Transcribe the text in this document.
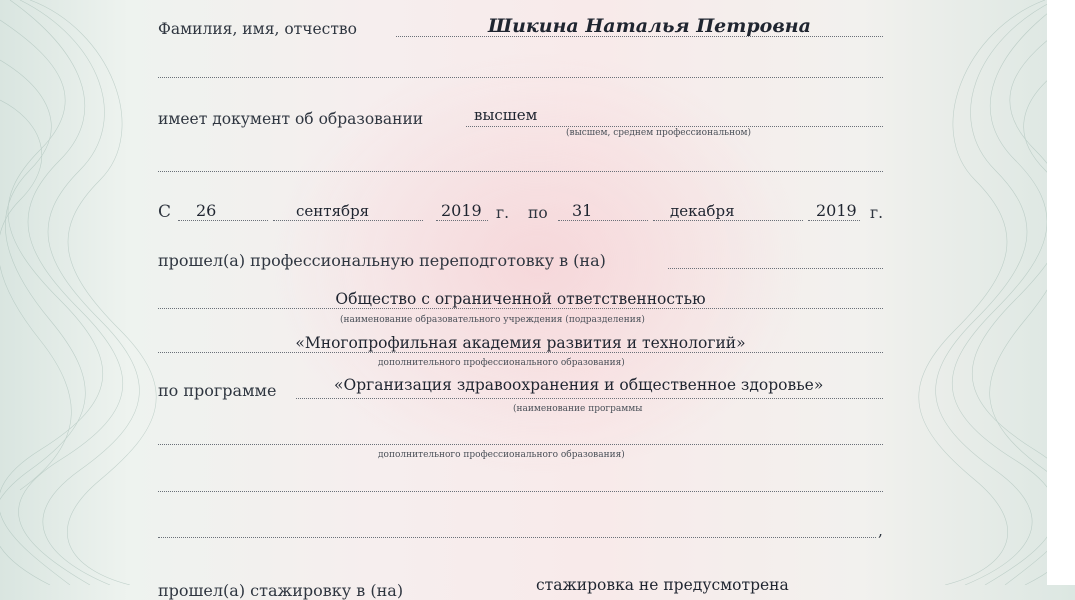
Фамилия, имя, отчество	Шикина Наталья Петровна
имеет документ об образовании	высшем
(высшем, среднем профессиональном)
С 26	сентября	2019 г. по 31	декабря	2019 г.
прошел(а) профессиональную переподготовку в (на)
Общество с ограниченной ответственностью
(наименование образовательного учреждения (подразделения)
«Многопрофильная академия развития и технологий»
дополнительного профессионального образования)
по программе	«Организация здравоохранения и общественное здоровье»
(наименование программы
дополнительного профессионального образования)
,
прошел(а) стажировку в (на)	стажировка не предусмотрена
